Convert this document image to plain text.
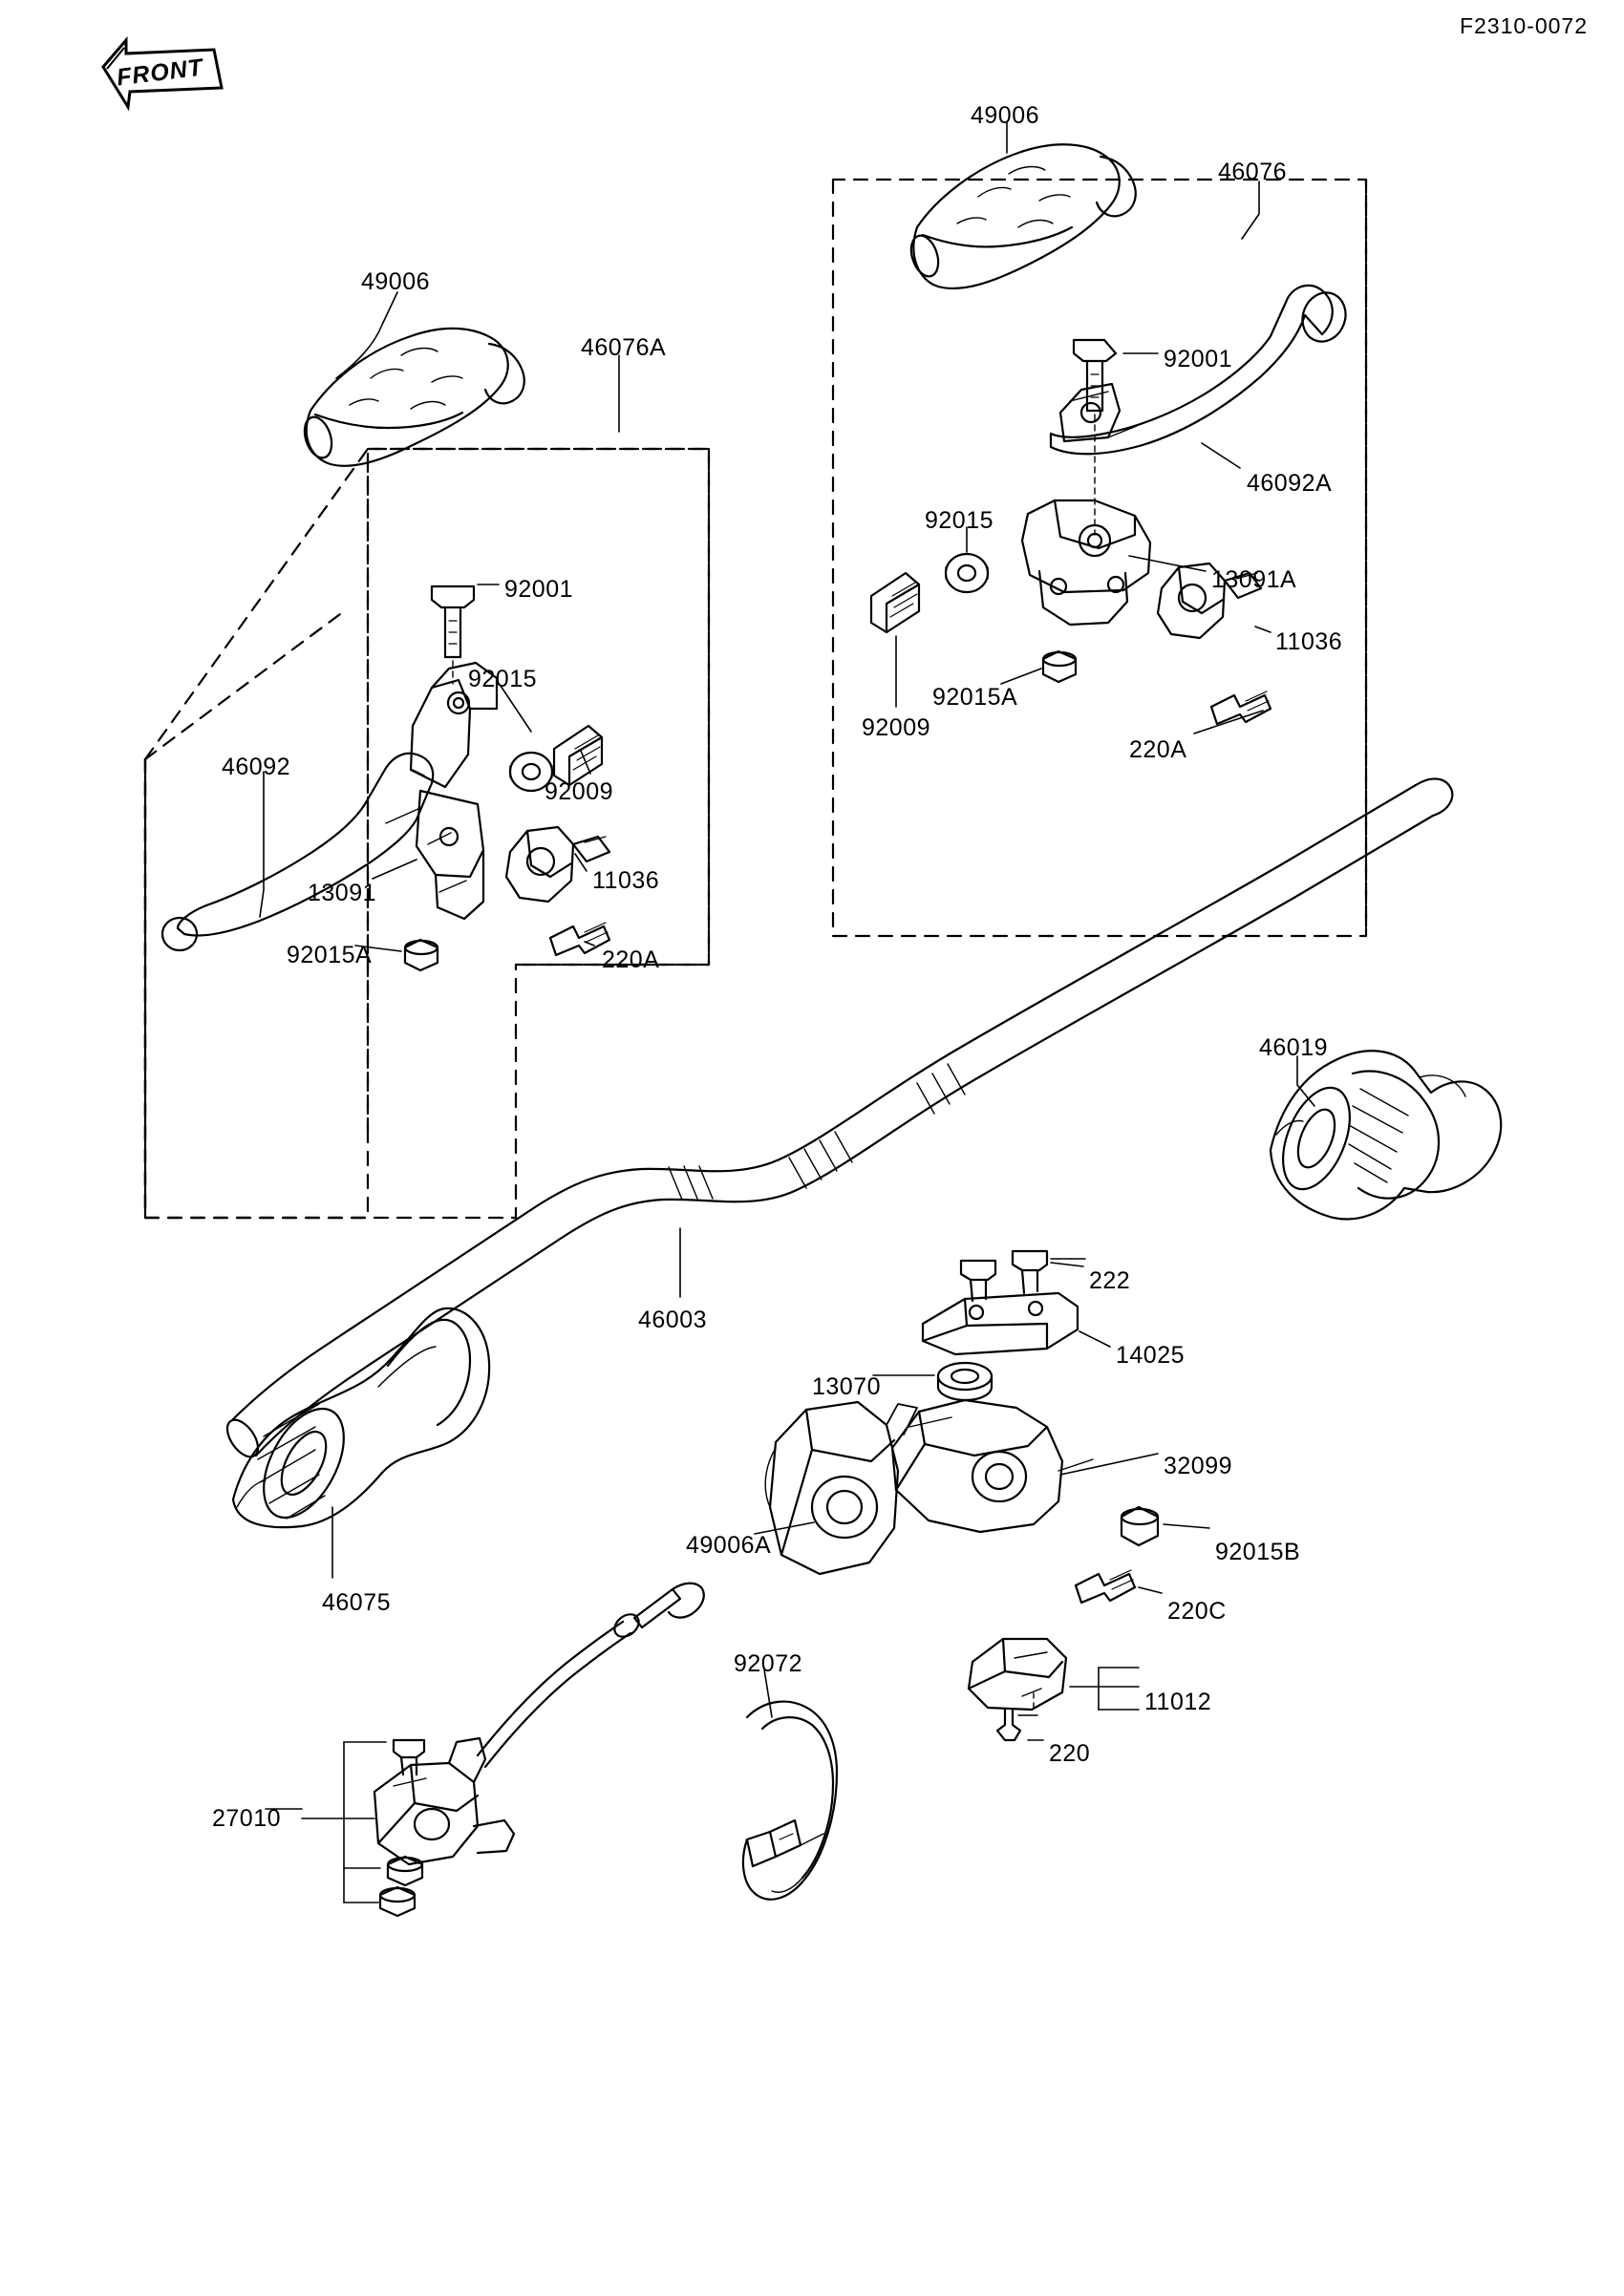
F2310-0072
FRONT
49006
46076A
92001
92015
46092
92009
13091	11036
92015A	220A
49006
46076
92001
46092A
92015
13091A
11036
92015A
92009
220A
46019
46003
222
14025
13070
32099
46075
49006A	92015B
220C
92072
11012
220
27010
